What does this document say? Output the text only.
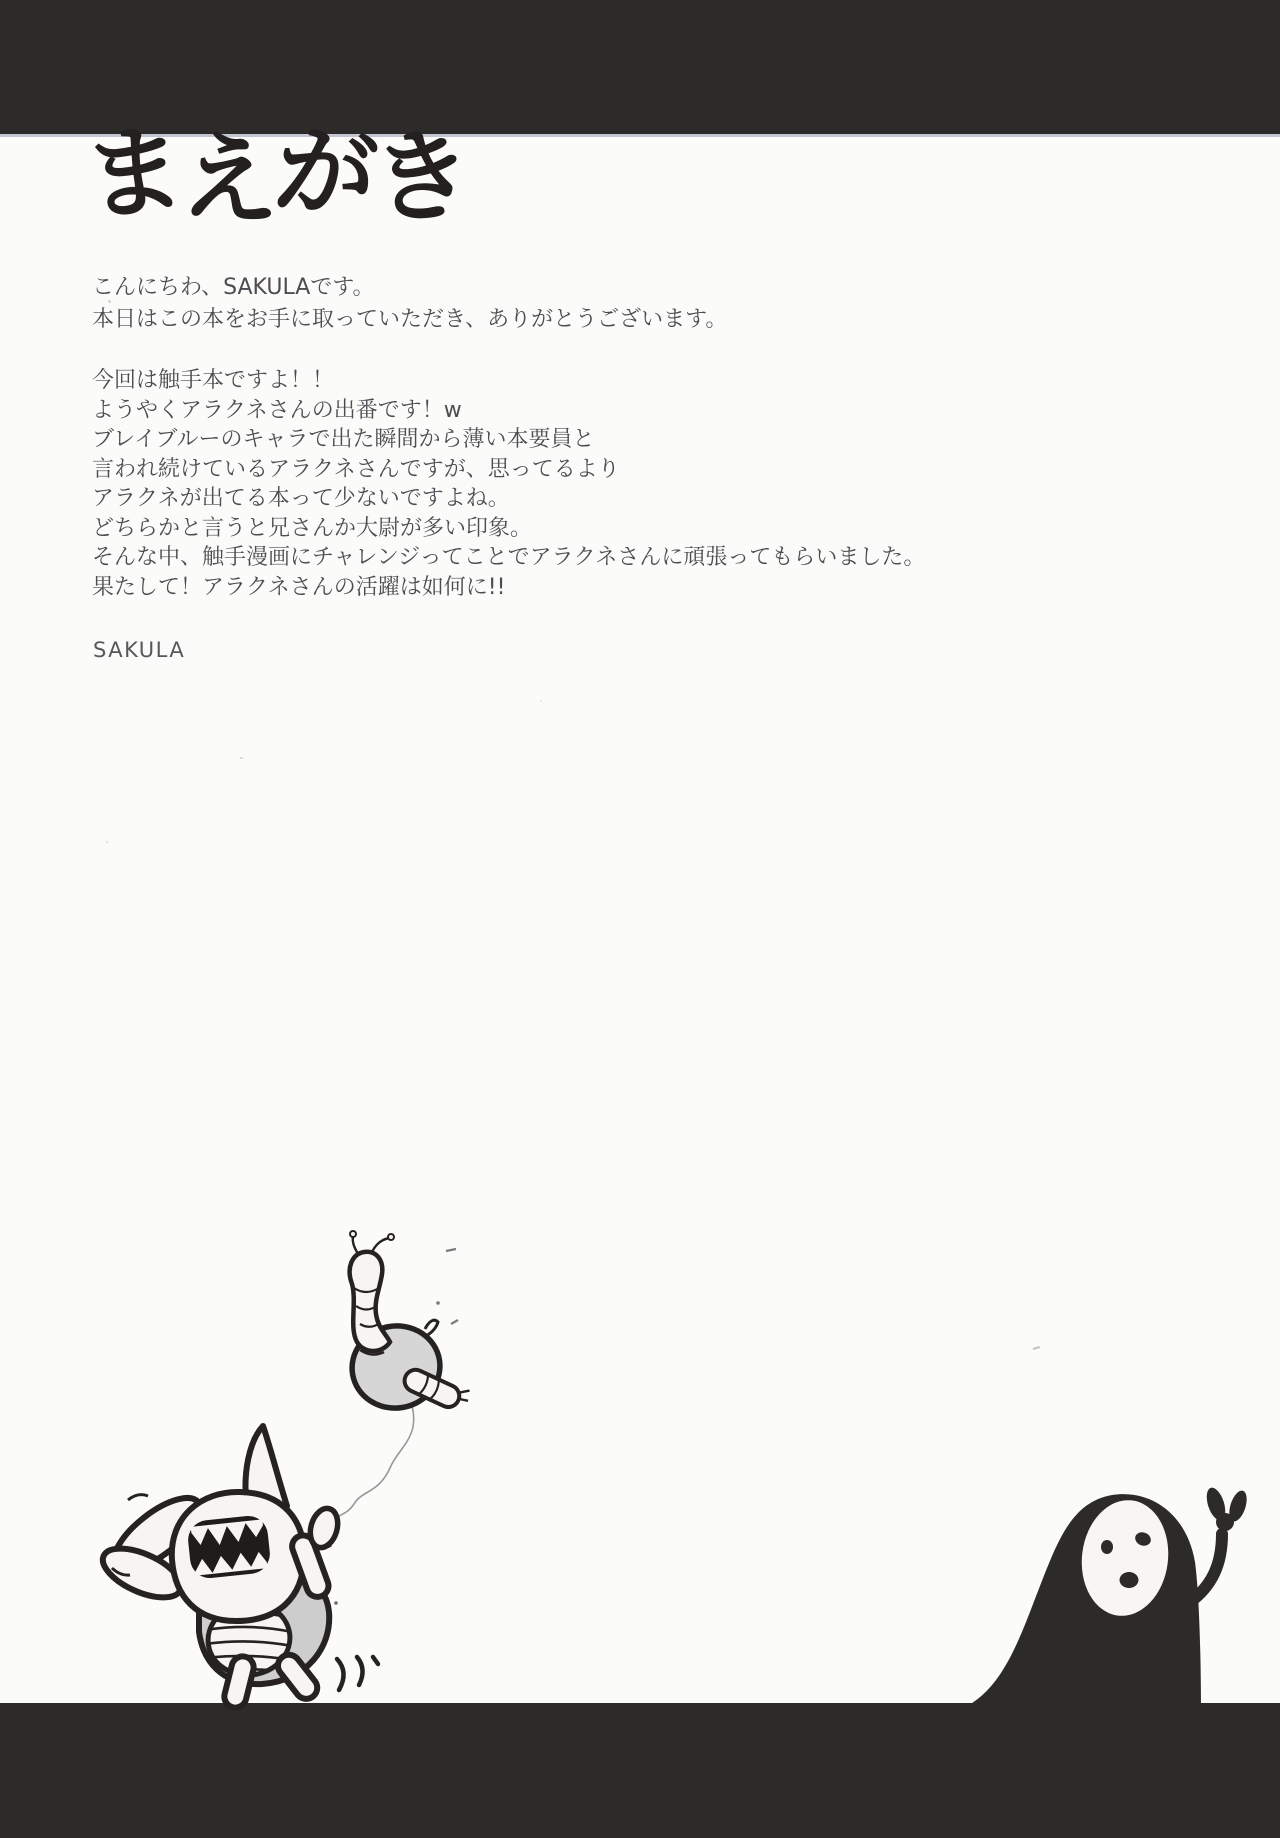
まえがき
こんにちわ、SAKULAです。
本日はこの本をお手に取っていただき、ありがとうございます。
今回は触手本ですよ！！
ようやくアラクネさんの出番です！w
ブレイブルーのキャラで出た瞬間から薄い本要員と
言われ続けているアラクネさんですが、思ってるより
アラクネが出てる本って少ないですよね。
どちらかと言うと兄さんか大尉が多い印象。
そんな中、触手漫画にチャレンジってことでアラクネさんに頑張ってもらいました。
果たして！アラクネさんの活躍は如何に!!
SAKULA
